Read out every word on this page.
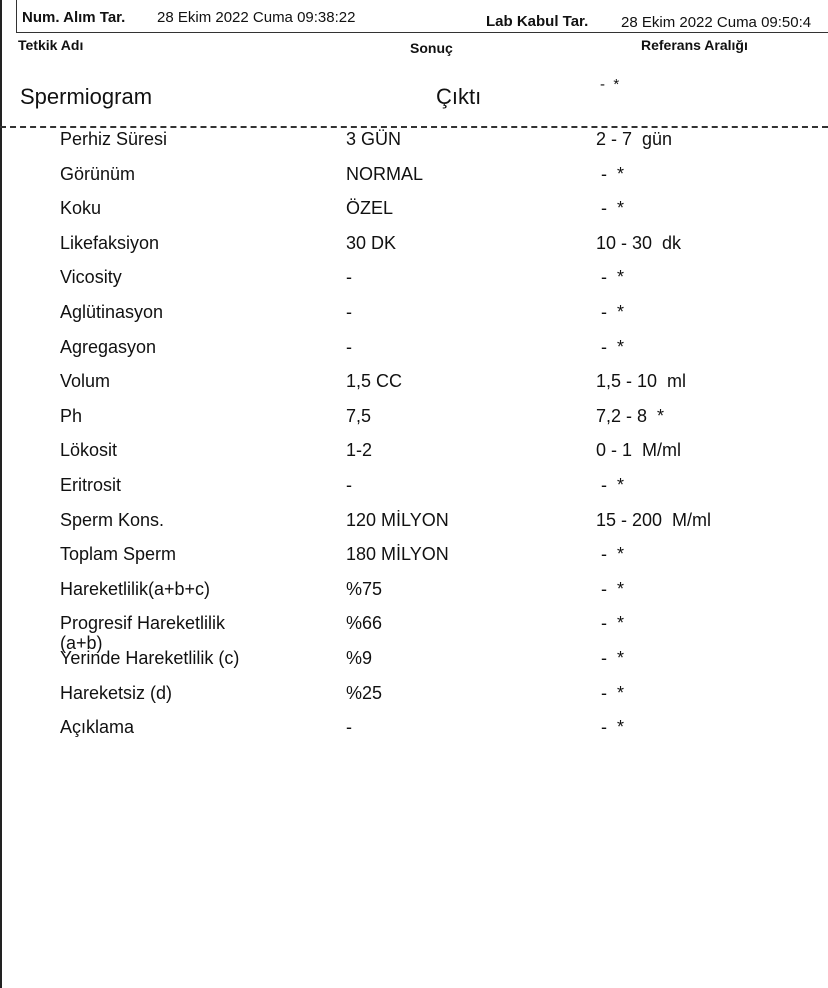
Num. Alım Tar. 28 Ekim 2022 Cuma 09:38:22	Lab Kabul Tar. 28 Ekim 2022 Cuma 09:50:4
Tetkik Adı	Sonuç	Referans Aralığı
Spermiogram	Çıktı	-  *
Perhiz Süresi	3 GÜN	2 - 7  gün
Görünüm	NORMAL	-  *
Koku	ÖZEL	-  *
Likefaksiyon	30 DK	10 - 30  dk
Vicosity	-	-  *
Aglütinasyon	-	-  *
Agregasyon	-	-  *
Volum	1,5 CC	1,5 - 10  ml
Ph	7,5	7,2 - 8  *
Lökosit	1-2	0 - 1  M/ml
Eritrosit	-	-  *
Sperm Kons.	120 MİLYON	15 - 200  M/ml
Toplam Sperm	180 MİLYON	-  *
Hareketlilik(a+b+c)	%75	-  *
Progresif Hareketlilik (a+b)
%66	-  *
Yerinde Hareketlilik (c)	%9	-  *
Hareketsiz (d)	%25	-  *
Açıklama	-	-  *
